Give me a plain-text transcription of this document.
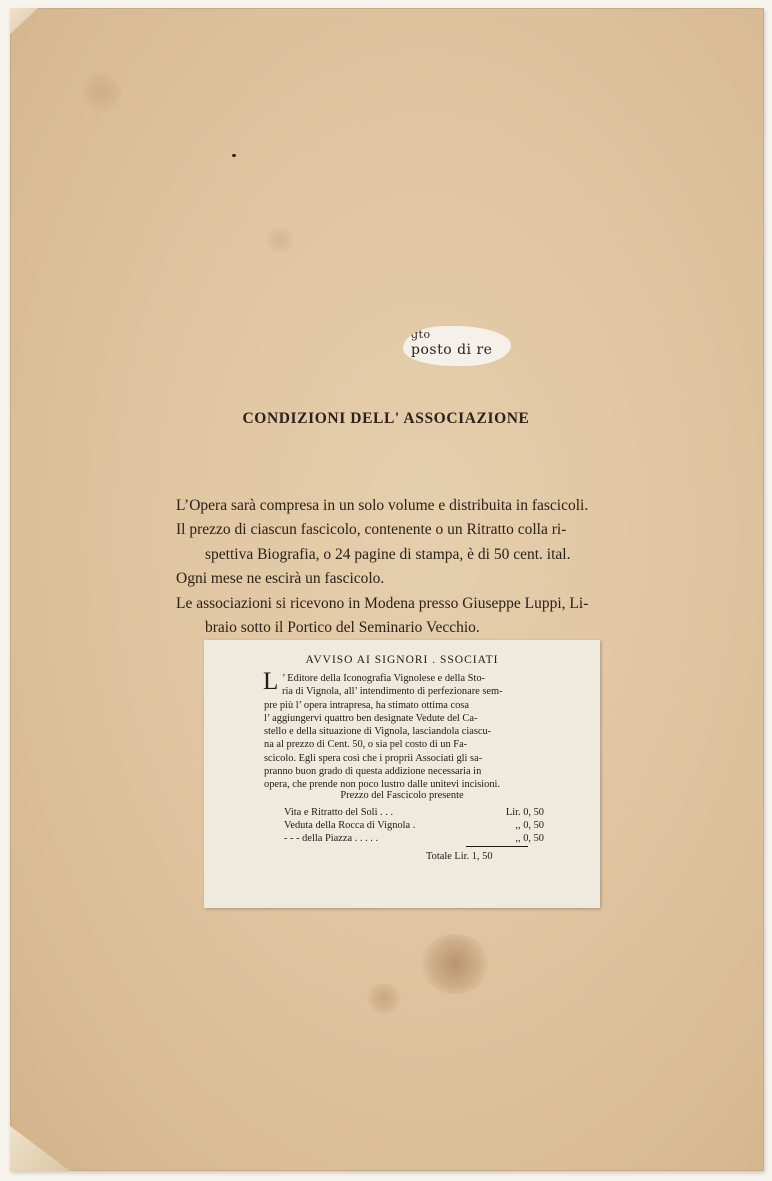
gto
posto di re
CONDIZIONI DELL' ASSOCIAZIONE
L’Opera sarà compresa in un solo volume e distribuita in fascicoli.
Il prezzo di ciascun fascicolo, contenente o un Ritratto colla ri-
spettiva Biografia, o 24 pagine di stampa, è di 50 cent. ital.
Ogni mese ne escirà un fascicolo.
Le associazioni si ricevono in Modena presso Giuseppe Luppi, Li-
braio sotto il Portico del Seminario Vecchio.
AVVISO AI SIGNORI . SSOCIATI
L ’ Editore della Iconografia Vignolese e della Sto-
ria di Vignola, all’ intendimento di perfezionare sem-
pre più l’ opera intrapresa, ha stimato ottima cosa
l’ aggiungervi quattro ben designate Vedute del Ca-
stello e della situazione di Vignola, lasciandola ciascu-
na al prezzo di Cent. 50, o sia pel costo di un Fa-
scicolo. Egli spera così che i proprii Associati gli sa-
pranno buon grado di questa addizione necessaria in
opera, che prende non poco lustro dalle unitevi incisioni.
Prezzo del Fascicolo presente
Vita e Ritratto del Soli . . .	Lir. 0, 50
Veduta della Rocca di Vignola .	,, 0, 50
- - - della Piazza . . . . .	,, 0, 50
Totale Lir. 1, 50
